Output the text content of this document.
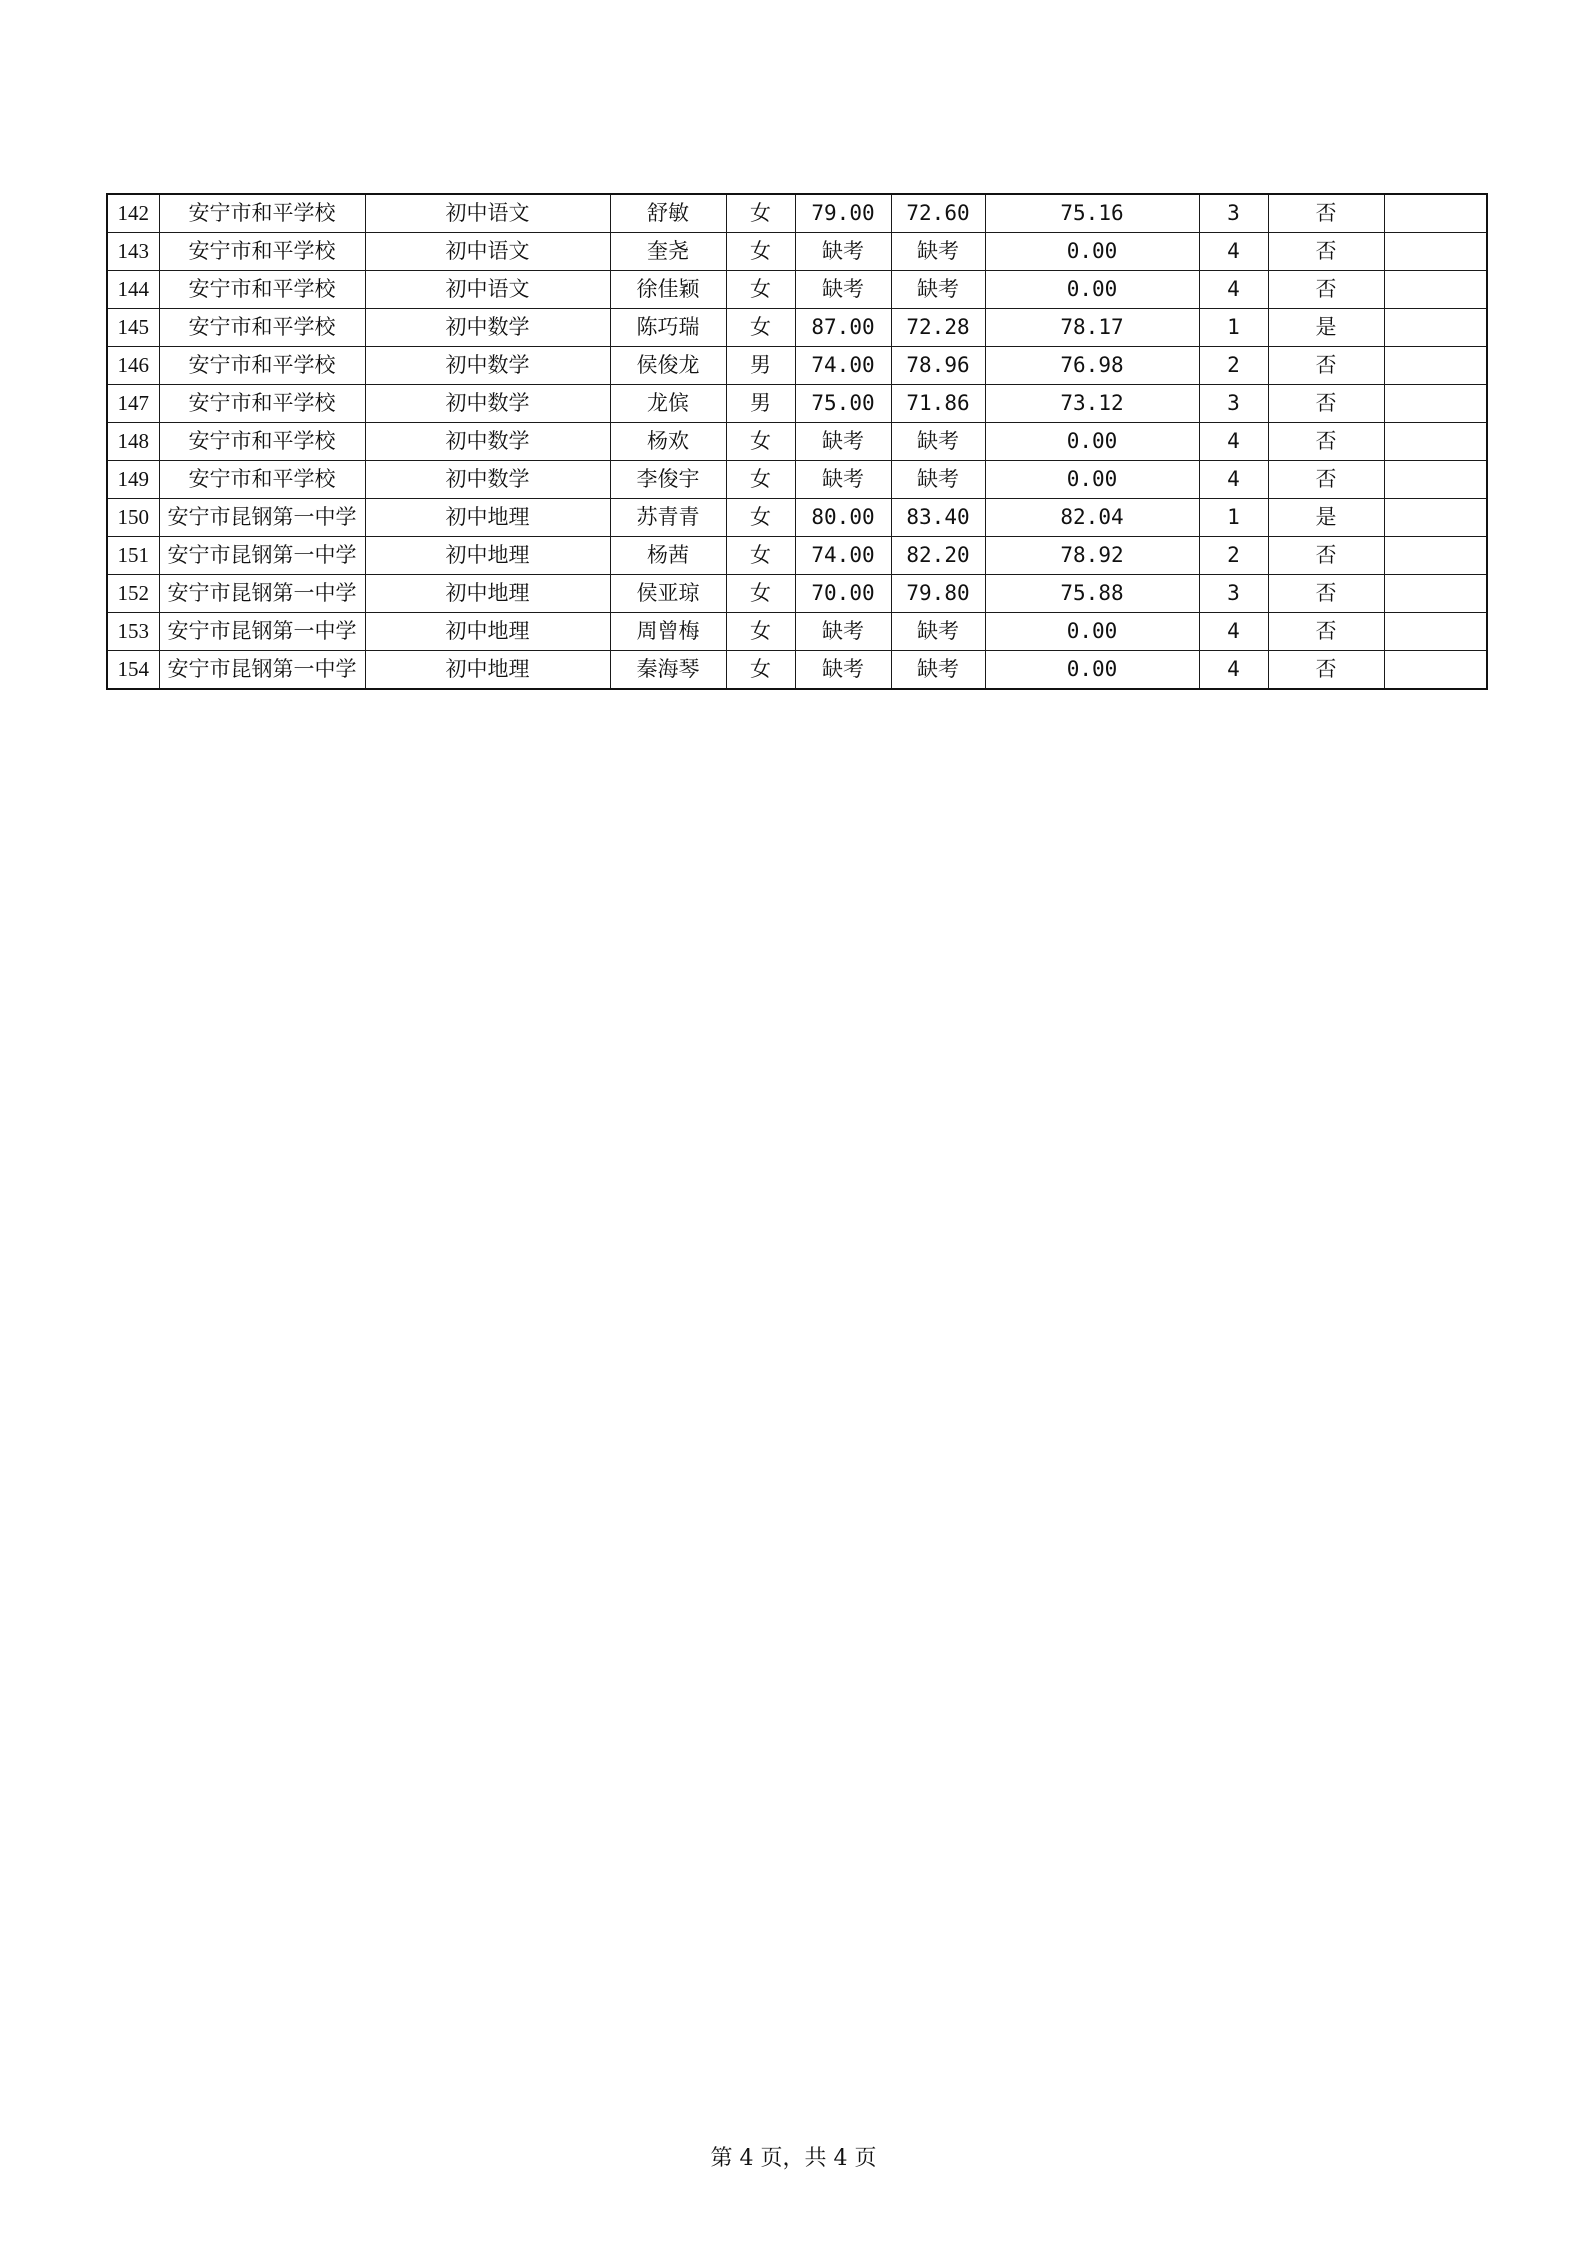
142	安宁市和平学校	初中语文	舒敏	女	79.00	72.60	75.16	3	否	
143	安宁市和平学校	初中语文	奎尧	女	缺考	缺考	0.00	4	否	
144	安宁市和平学校	初中语文	徐佳颖	女	缺考	缺考	0.00	4	否	
145	安宁市和平学校	初中数学	陈巧瑞	女	87.00	72.28	78.17	1	是	
146	安宁市和平学校	初中数学	侯俊龙	男	74.00	78.96	76.98	2	否	
147	安宁市和平学校	初中数学	龙傧	男	75.00	71.86	73.12	3	否	
148	安宁市和平学校	初中数学	杨欢	女	缺考	缺考	0.00	4	否	
149	安宁市和平学校	初中数学	李俊宇	女	缺考	缺考	0.00	4	否	
150	安宁市昆钢第一中学	初中地理	苏青青	女	80.00	83.40	82.04	1	是	
151	安宁市昆钢第一中学	初中地理	杨茜	女	74.00	82.20	78.92	2	否	
152	安宁市昆钢第一中学	初中地理	侯亚琼	女	70.00	79.80	75.88	3	否	
153	安宁市昆钢第一中学	初中地理	周曾梅	女	缺考	缺考	0.00	4	否	
154	安宁市昆钢第一中学	初中地理	秦海琴	女	缺考	缺考	0.00	4	否	
第 4 页，共 4 页
